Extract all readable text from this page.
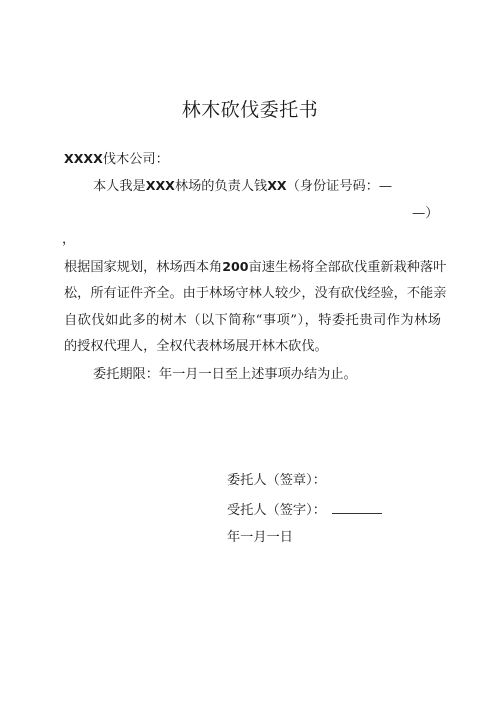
林木砍伐委托书
XXXX伐木公司：
本人我是XXX林场的负责人钱XX（身份证号码：—
—）
，
根据国家规划，林场西本角200亩速生杨将全部砍伐重新栽种落叶
松，所有证件齐全。由于林场守林人较少，没有砍伐经验，不能亲
自砍伐如此多的树木（以下简称“事项”），特委托贵司作为林场
的授权代理人，全权代表林场展开林木砍伐。
委托期限：年一月一日至上述事项办结为止。
委托人（签章）：
受托人（签字）：
年一月一日
